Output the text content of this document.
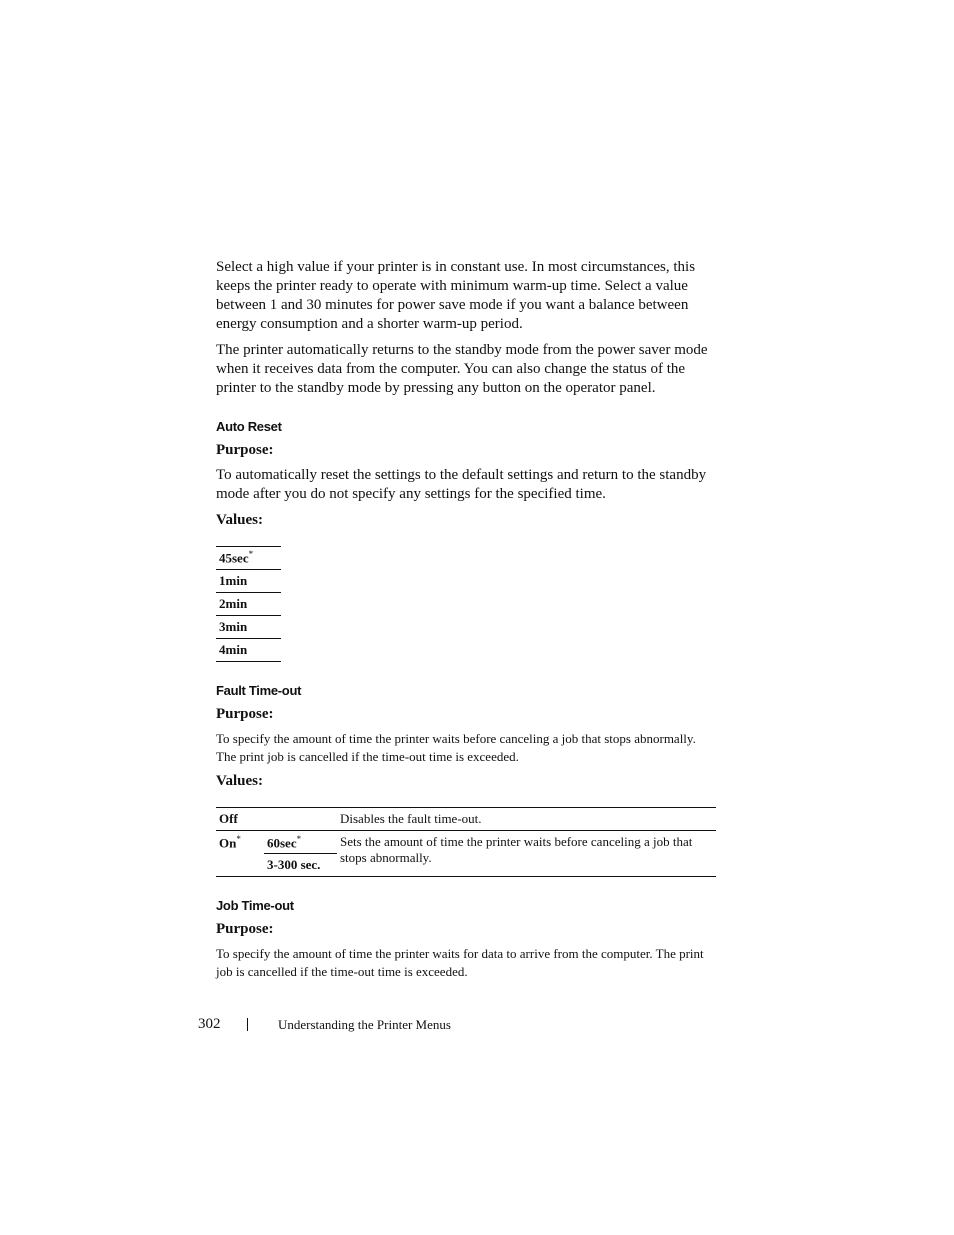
Select a high value if your printer is in constant use. In most circumstances, this keeps the printer ready to operate with minimum warm-up time. Select a value between 1 and 30 minutes for power save mode if you want a balance between energy consumption and a shorter warm-up period.

The printer automatically returns to the standby mode from the power saver mode when it receives data from the computer. You can also change the status of the printer to the standby mode by pressing any button on the operator panel.

Auto Reset
Purpose:

To automatically reset the settings to the default settings and return to the standby mode after you do not specify any settings for the specified time.

Values:
45sec*
1min
2min
3min
4min
Fault Time-out
Purpose:

To specify the amount of time the printer waits before canceling a job that stops abnormally. The print job is cancelled if the time-out time is exceeded.

Values:
Off		Disables the fault time-out.
On*	60sec*	Sets the amount of time the printer waits before canceling a job that stops abnormally.
	3-300 sec.	
Job Time-out
Purpose:

To specify the amount of time the printer waits for data to arrive from the computer. The print job is cancelled if the time-out time is exceeded.

302	Understanding the Printer Menus
